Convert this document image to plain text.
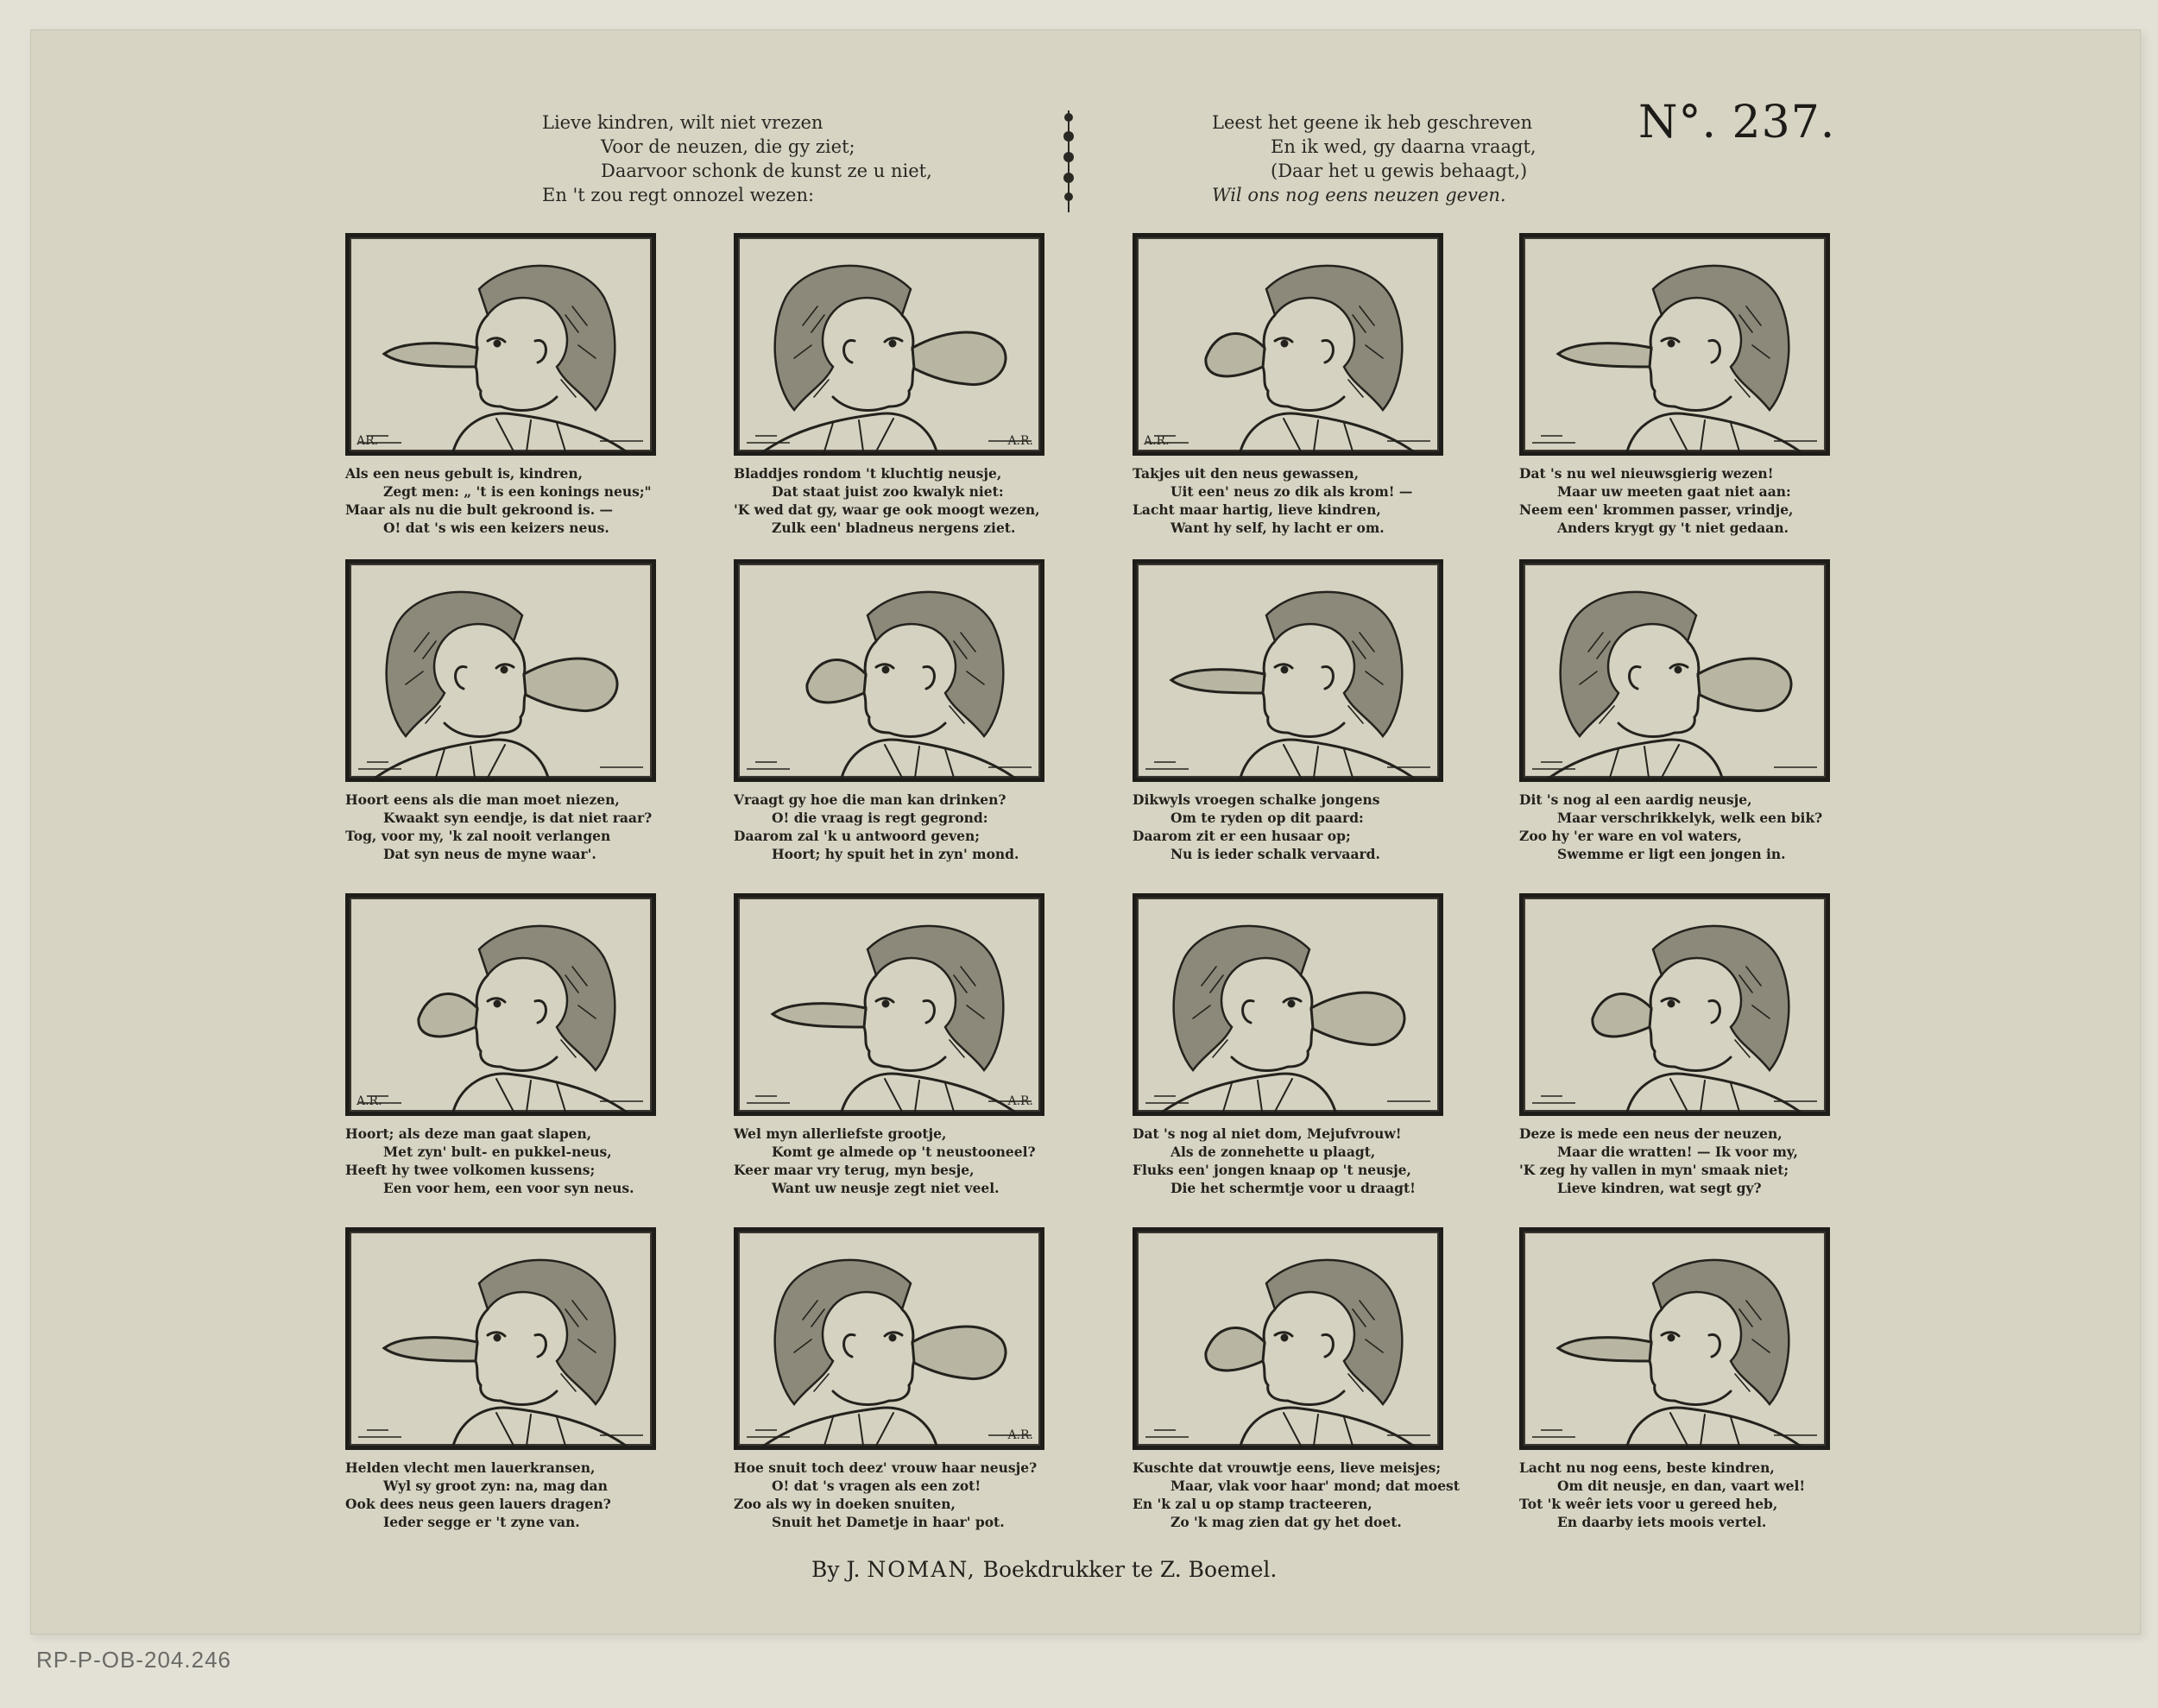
RP-P-OB-204.246
Lieve kindren, wilt niet vrezen
Voor de neuzen, die gy ziet;
Daarvoor schonk de kunst ze u niet,
En 't zou regt onnozel wezen:
Leest het geene ik heb geschreven
En ik wed, gy daarna vraagt,
(Daar het u gewis behaagt,)
Wil ons nog eens neuzen geven.
N°. 237.
AR.
Als een neus gebult is, kindren,
Zegt men: „ 't is een konings neus;"
Maar als nu die bult gekroond is. —
O! dat 's wis een keizers neus.
A.R.
Bladdjes rondom 't kluchtig neusje,
Dat staat juist zoo kwalyk niet:
'K wed dat gy, waar ge ook moogt wezen,
Zulk een' bladneus nergens ziet.
A.R.
Takjes uit den neus gewassen,
Uit een' neus zo dik als krom! —
Lacht maar hartig, lieve kindren,
Want hy self, hy lacht er om.
Dat 's nu wel nieuwsgierig wezen!
Maar uw meeten gaat niet aan:
Neem een' krommen passer, vrindje,
Anders krygt gy 't niet gedaan.
Hoort eens als die man moet niezen,
Kwaakt syn eendje, is dat niet raar?
Tog, voor my, 'k zal nooit verlangen
Dat syn neus de myne waar'.
Vraagt gy hoe die man kan drinken?
O! die vraag is regt gegrond:
Daarom zal 'k u antwoord geven;
Hoort; hy spuit het in zyn' mond.
Dikwyls vroegen schalke jongens
Om te ryden op dit paard:
Daarom zit er een husaar op;
Nu is ieder schalk vervaard.
Dit 's nog al een aardig neusje,
Maar verschrikkelyk, welk een bik?
Zoo hy 'er ware en vol waters,
Swemme er ligt een jongen in.
A.R.
Hoort; als deze man gaat slapen,
Met zyn' bult- en pukkel-neus,
Heeft hy twee volkomen kussens;
Een voor hem, een voor syn neus.
A.R.
Wel myn allerliefste grootje,
Komt ge almede op 't neustooneel?
Keer maar vry terug, myn besje,
Want uw neusje zegt niet veel.
Dat 's nog al niet dom, Mejufvrouw!
Als de zonnehette u plaagt,
Fluks een' jongen knaap op 't neusje,
Die het schermtje voor u draagt!
Deze is mede een neus der neuzen,
Maar die wratten! — Ik voor my,
'K zeg hy vallen in myn' smaak niet;
Lieve kindren, wat segt gy?
Helden vlecht men lauerkransen,
Wyl sy groot zyn: na, mag dan
Ook dees neus geen lauers dragen?
Ieder segge er 't zyne van.
A.R.
Hoe snuit toch deez' vrouw haar neusje?
O! dat 's vragen als een zot!
Zoo als wy in doeken snuiten,
Snuit het Dametje in haar' pot.
Kuschte dat vrouwtje eens, lieve meisjes;
Maar, vlak voor haar' mond; dat moest
En 'k zal u op stamp tracteeren,
Zo 'k mag zien dat gy het doet.
Lacht nu nog eens, beste kindren,
Om dit neusje, en dan, vaart wel!
Tot 'k weêr iets voor u gereed heb,
En daarby iets moois vertel.
By J. NOMAN, Boekdrukker te Z. Boemel.
